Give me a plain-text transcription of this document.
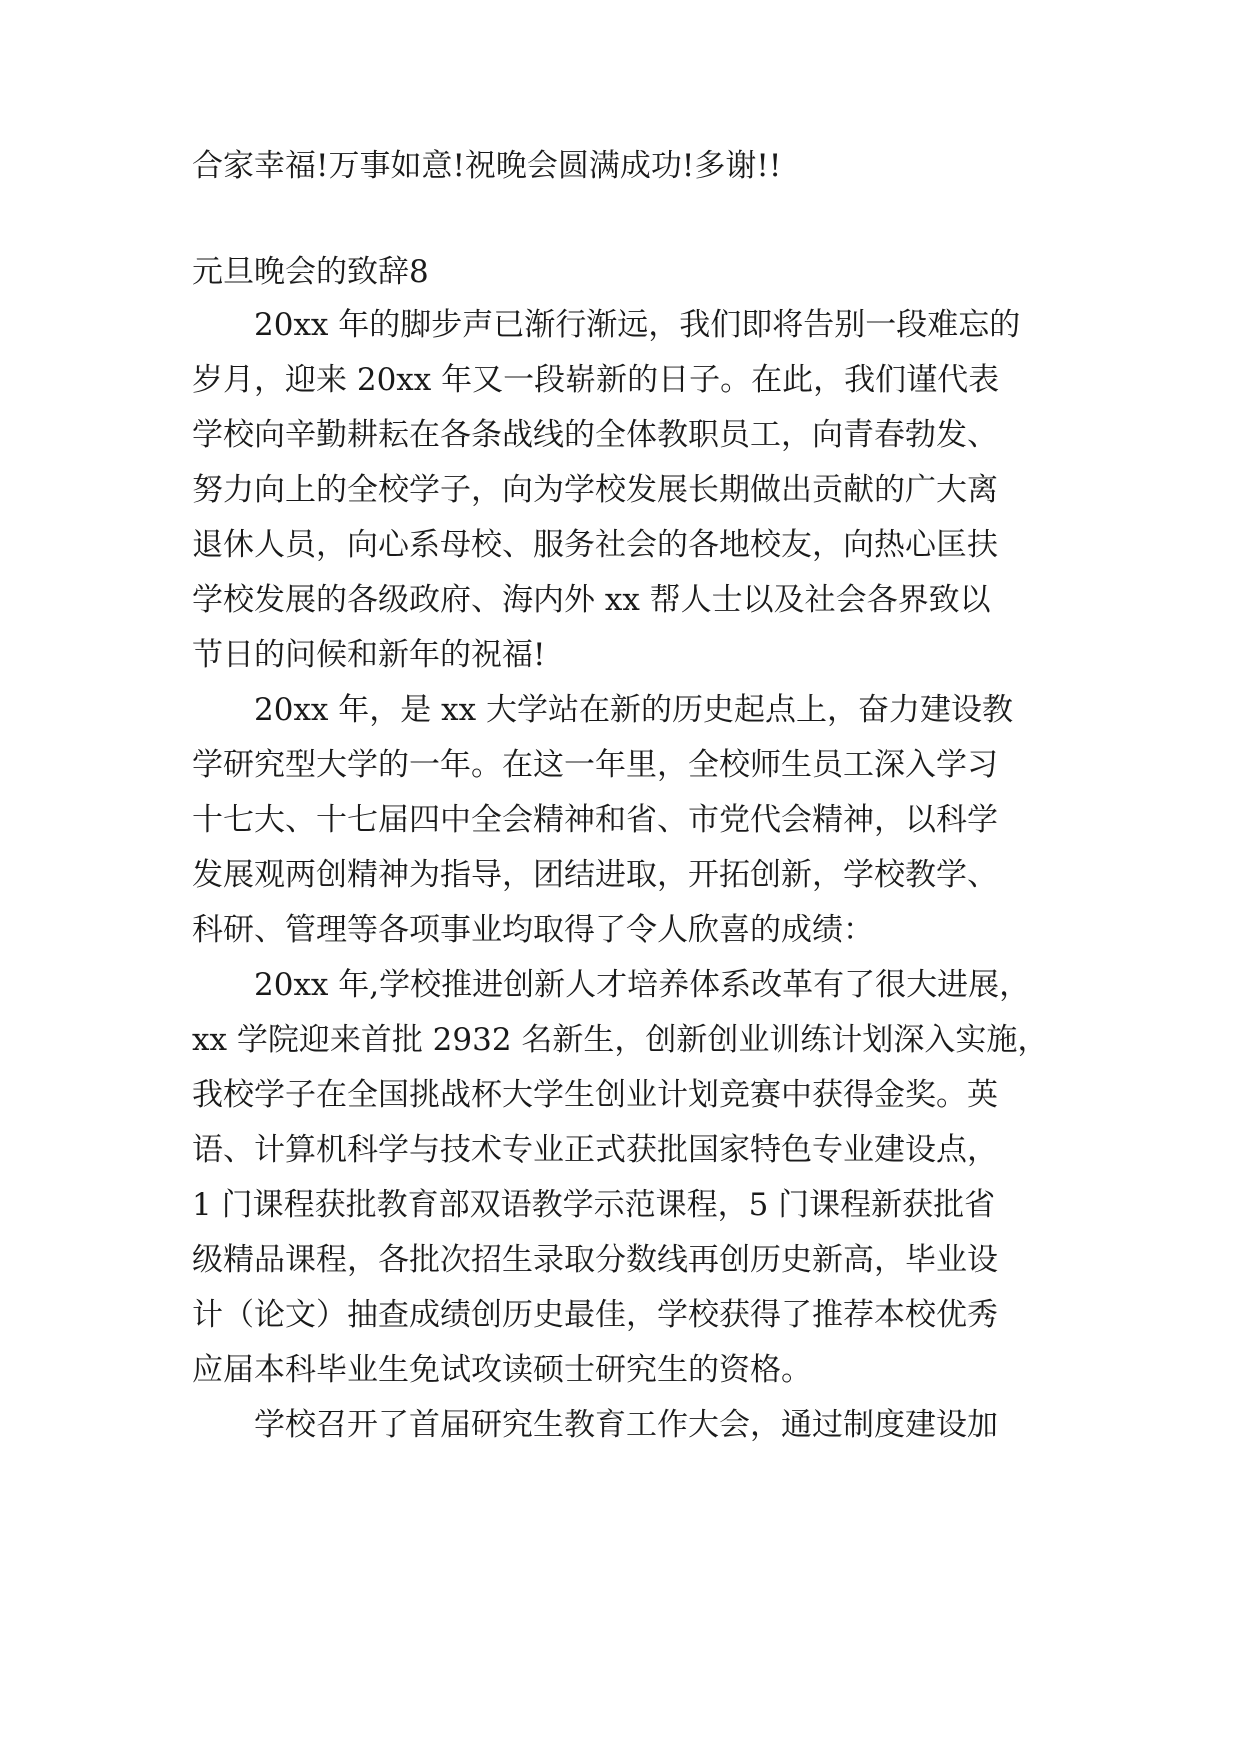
合家幸福!万事如意!祝晚会圆满成功!多谢!!
元旦晚会的致辞8
20xx 年的脚步声已渐行渐远，我们即将告别一段难忘的
岁月，迎来 20xx 年又一段崭新的日子。在此，我们谨代表
学校向辛勤耕耘在各条战线的全体教职员工，向青春勃发、
努力向上的全校学子，向为学校发展长期做出贡献的广大离
退休人员，向心系母校、服务社会的各地校友，向热心匡扶
学校发展的各级政府、海内外 xx 帮人士以及社会各界致以
节日的问候和新年的祝福!
20xx 年，是 xx 大学站在新的历史起点上，奋力建设教
学研究型大学的一年。在这一年里，全校师生员工深入学习
十七大、十七届四中全会精神和省、市党代会精神，以科学
发展观两创精神为指导，团结进取，开拓创新，学校教学、
科研、管理等各项事业均取得了令人欣喜的成绩：
20xx 年,学校推进创新人才培养体系改革有了很大进展，
xx 学院迎来首批 2932 名新生，创新创业训练计划深入实施，
我校学子在全国挑战杯大学生创业计划竞赛中获得金奖。英
语、计算机科学与技术专业正式获批国家特色专业建设点，
1 门课程获批教育部双语教学示范课程，5 门课程新获批省
级精品课程，各批次招生录取分数线再创历史新高，毕业设
计（论文）抽查成绩创历史最佳，学校获得了推荐本校优秀
应届本科毕业生免试攻读硕士研究生的资格。
学校召开了首届研究生教育工作大会，通过制度建设加
